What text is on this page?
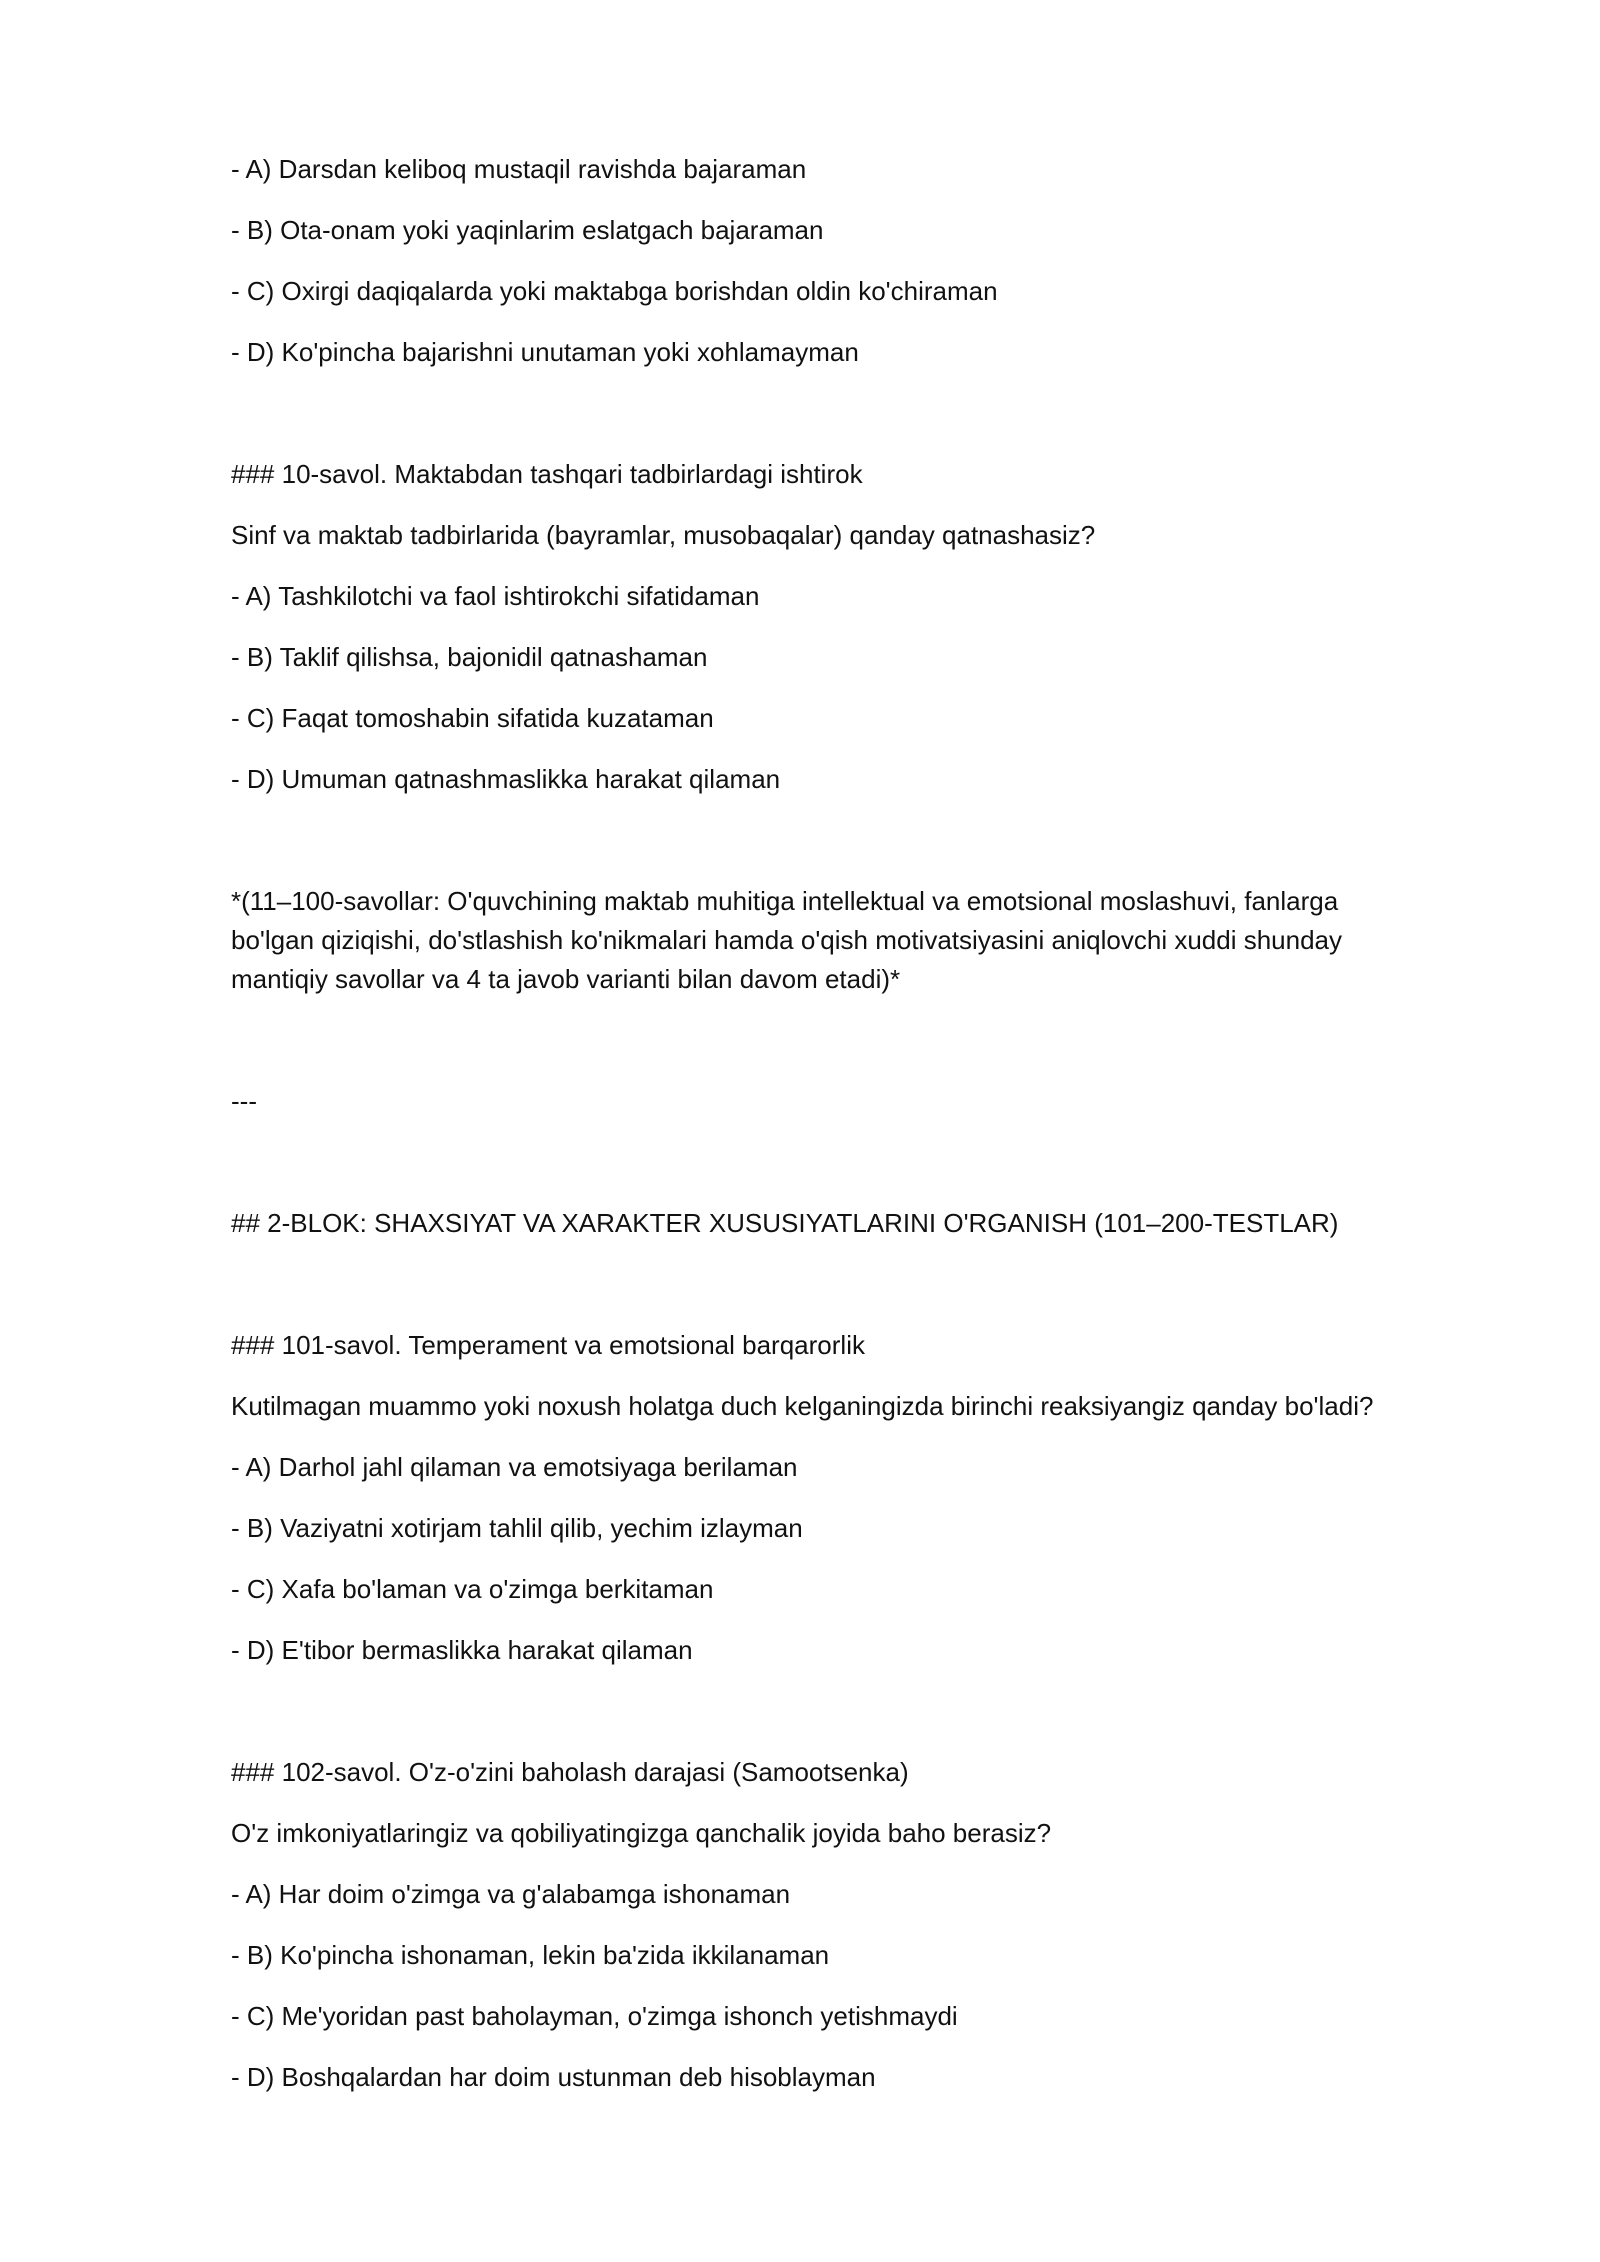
- A) Darsdan keliboq mustaqil ravishda bajaraman
- B) Ota-onam yoki yaqinlarim eslatgach bajaraman
- C) Oxirgi daqiqalarda yoki maktabga borishdan oldin ko'chiraman
- D) Ko'pincha bajarishni unutaman yoki xohlamayman
### 10-savol. Maktabdan tashqari tadbirlardagi ishtirok
Sinf va maktab tadbirlarida (bayramlar, musobaqalar) qanday qatnashasiz?
- A) Tashkilotchi va faol ishtirokchi sifatidaman
- B) Taklif qilishsa, bajonidil qatnashaman
- C) Faqat tomoshabin sifatida kuzataman
- D) Umuman qatnashmaslikka harakat qilaman
*(11–100-savollar: O'quvchining maktab muhitiga intellektual va emotsional moslashuvi, fanlarga bo'lgan qiziqishi, do'stlashish ko'nikmalari hamda o'qish motivatsiyasini aniqlovchi xuddi shunday mantiqiy savollar va 4 ta javob varianti bilan davom etadi)*
---
## 2-BLOK: SHAXSIYAT VA XARAKTER XUSUSIYATLARINI O'RGANISH (101–200-TESTLAR)
### 101-savol. Temperament va emotsional barqarorlik
Kutilmagan muammo yoki noxush holatga duch kelganingizda birinchi reaksiyangiz qanday bo'ladi?
- A) Darhol jahl qilaman va emotsiyaga berilaman
- B) Vaziyatni xotirjam tahlil qilib, yechim izlayman
- C) Xafa bo'laman va o'zimga berkitaman
- D) E'tibor bermaslikka harakat qilaman
### 102-savol. O'z-o'zini baholash darajasi (Samootsenka)
O'z imkoniyatlaringiz va qobiliyatingizga qanchalik joyida baho berasiz?
- A) Har doim o'zimga va g'alabamga ishonaman
- B) Ko'pincha ishonaman, lekin ba'zida ikkilanaman
- C) Me'yoridan past baholayman, o'zimga ishonch yetishmaydi
- D) Boshqalardan har doim ustunman deb hisoblayman
